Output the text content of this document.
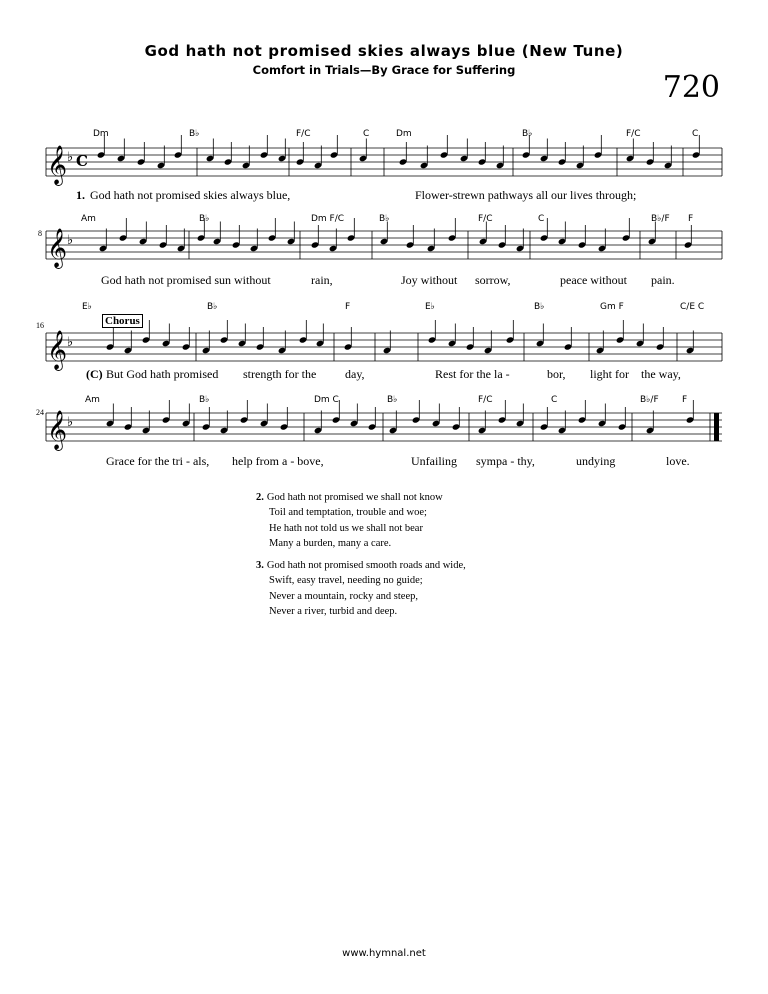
God hath not promised skies always blue (New Tune)
Comfort in Trials—By Grace for Suffering	720
𝄞
𝄞
𝄞
𝄞
♭
♭
♭
♭
C
Dm	B♭	F/C	C	Dm	B♭	F/C	C
1. God hath not promised skies always blue,	Flower-strewn pathways all our lives through;
8
Am	B♭	Dm F/C	B♭	F/C	C	B♭/F F
God hath not promised sun without	rain,	Joy without sorrow,	peace without pain.
16
E♭	B♭	F	E♭	B♭	Gm F	C/E C
Chorus
(C) But God hath promised strength for the day,	Rest for the la -	bor, light for the way,
24
Am	B♭	Dm C	B♭	F/C	C	B♭/F	F
Grace for the tri - als, help from a - bove,	Unfailing sympa - thy,	undying	love.
2. God hath not promised we shall not know
Toil and temptation, trouble and woe;
He hath not told us we shall not bear
Many a burden, many a care.
3. God hath not promised smooth roads and wide,
Swift, easy travel, needing no guide;
Never a mountain, rocky and steep,
Never a river, turbid and deep.
www.hymnal.net
